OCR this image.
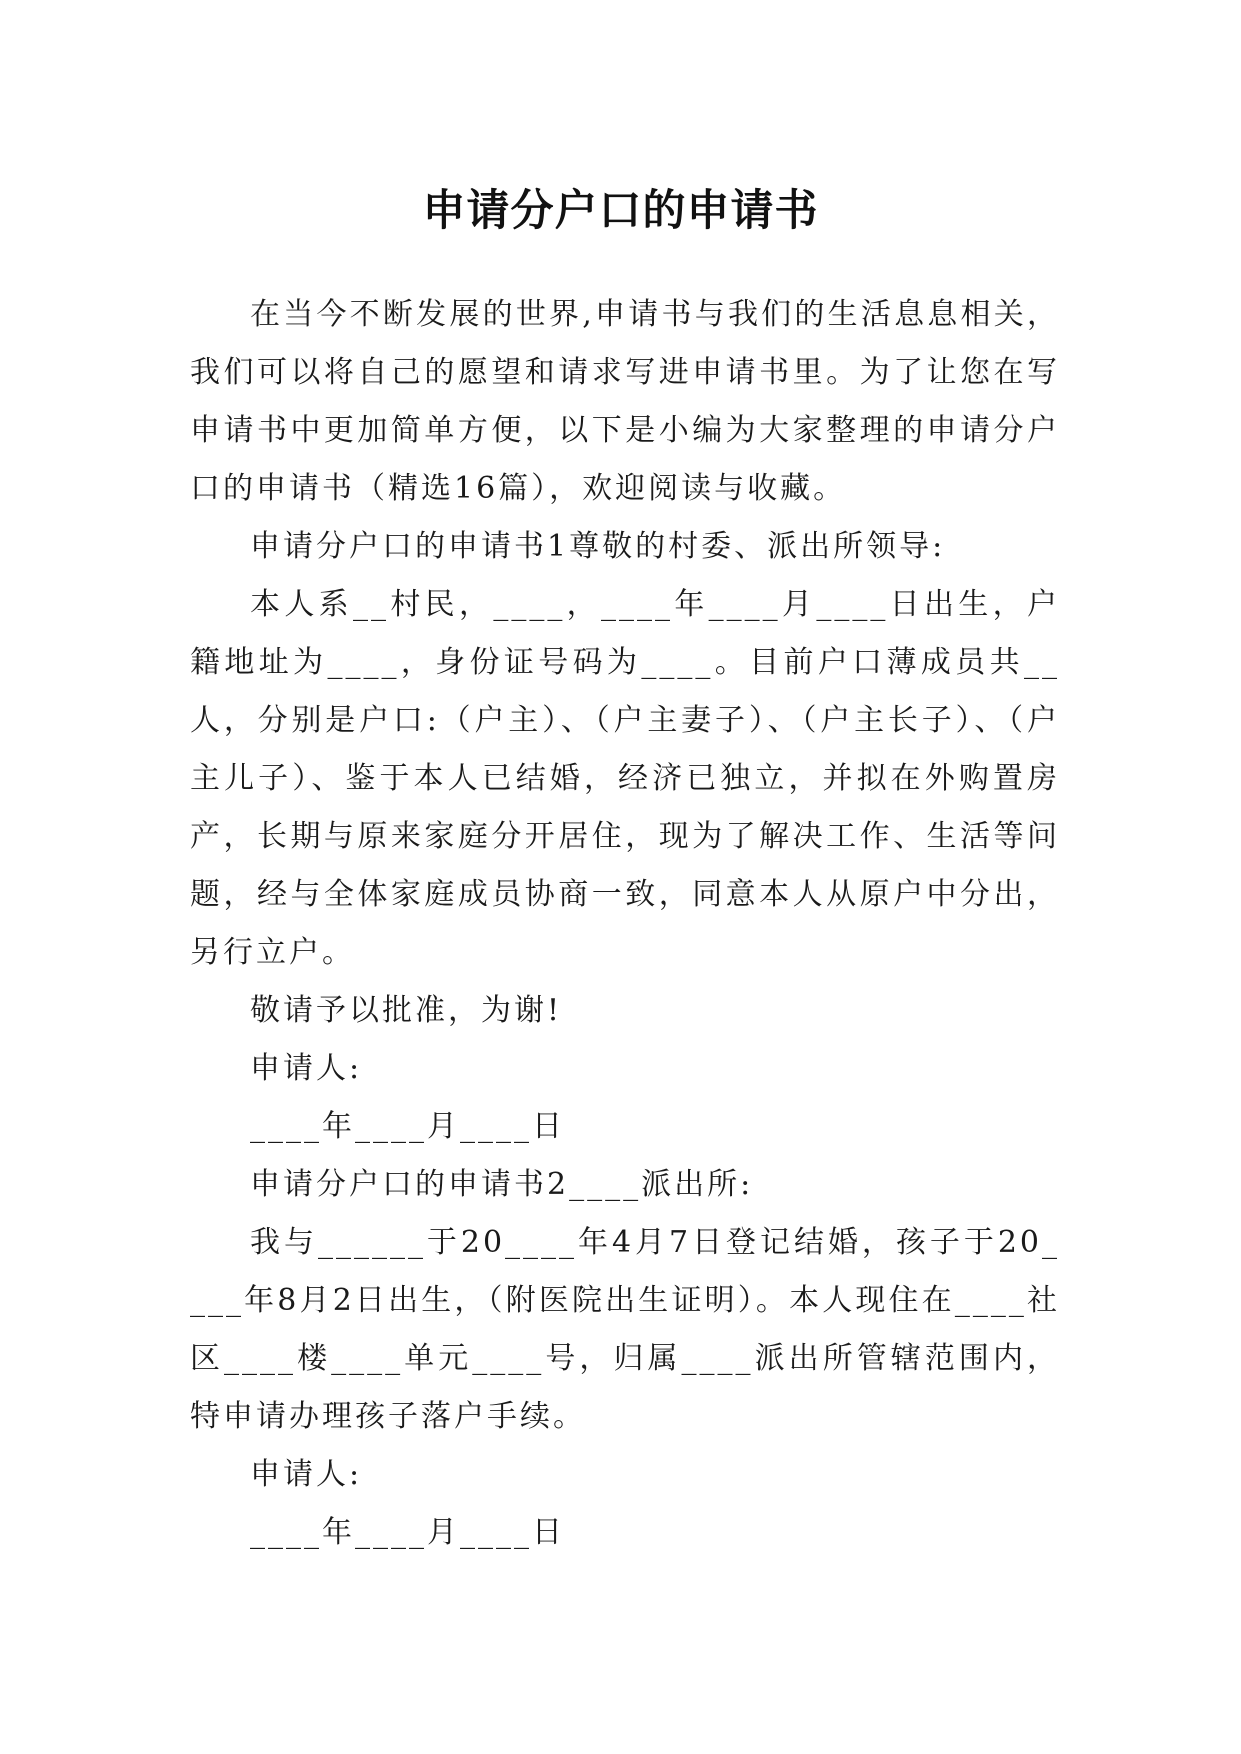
申请分户口的申请书

在当今不断发展的世界,申请书与我们的生活息息相关，我们可以将自己的愿望和请求写进申请书里。为了让您在写申请书中更加简单方便，以下是小编为大家整理的申请分户口的申请书（精选16篇），欢迎阅读与收藏。

申请分户口的申请书1尊敬的村委、派出所领导:

本人系__村民，____，____年____月____日出生，户籍地址为____，身份证号码为____。目前户口薄成员共__人，分别是户口:（户主）、（户主妻子）、（户主长子）、（户主儿子）、鉴于本人已结婚，经济已独立，并拟在外购置房产，长期与原来家庭分开居住，现为了解决工作、生活等问题，经与全体家庭成员协商一致，同意本人从原户中分出，另行立户。

敬请予以批准，为谢!

申请人:

____年____月____日

申请分户口的申请书2____派出所:

我与______于20____年4月7日登记结婚，孩子于20____年8月2日出生，（附医院出生证明）。本人现住在____社区____楼____单元____号，归属____派出所管辖范围内，特申请办理孩子落户手续。

申请人:

____年____月____日
